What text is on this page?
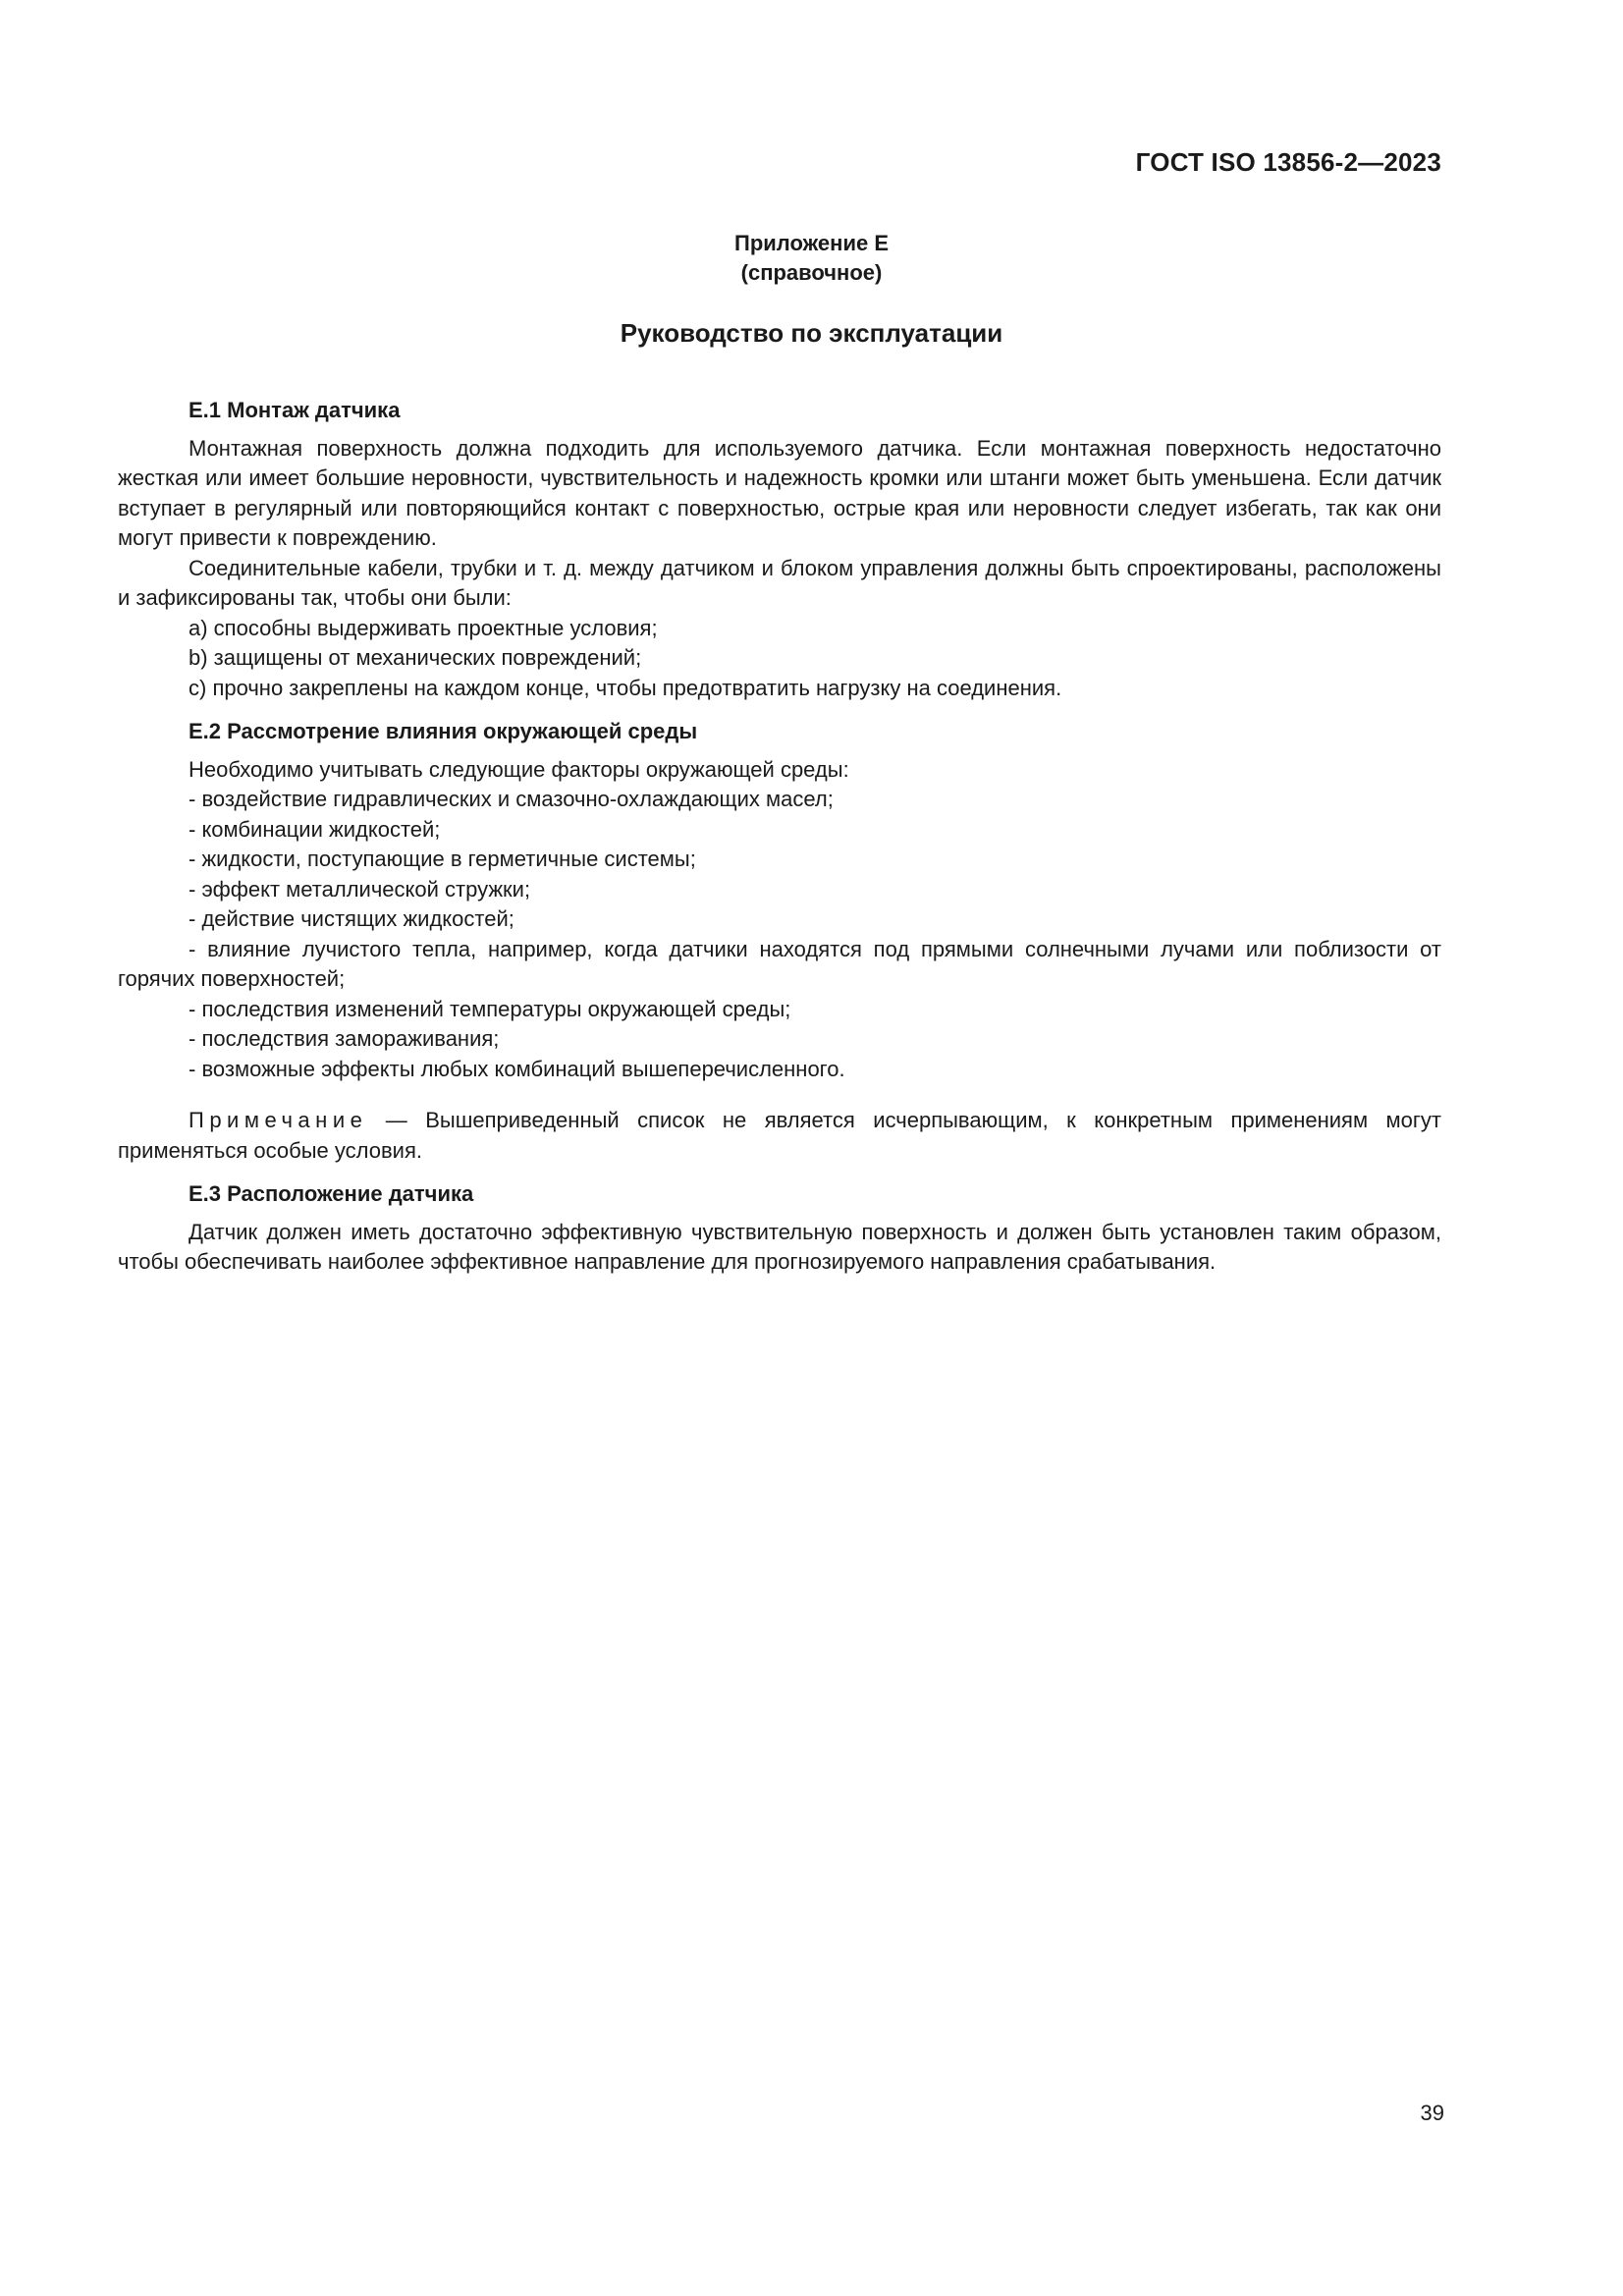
ГОСТ ISO 13856-2—2023
Приложение Е
(справочное)
Руководство по эксплуатации

Е.1 Монтаж датчика

Монтажная поверхность должна подходить для используемого датчика. Если монтажная поверхность недостаточно жесткая или имеет большие неровности, чувствительность и надежность кромки или штанги может быть уменьшена. Если датчик вступает в регулярный или повторяющийся контакт с поверхностью, острые края или неровности следует избегать, так как они могут привести к повреждению.

Соединительные кабели, трубки и т. д. между датчиком и блоком управления должны быть спроектированы, расположены и зафиксированы так, чтобы они были:

a) способны выдерживать проектные условия;

b) защищены от механических повреждений;

c) прочно закреплены на каждом конце, чтобы предотвратить нагрузку на соединения.

Е.2 Рассмотрение влияния окружающей среды

Необходимо учитывать следующие факторы окружающей среды:

- воздействие гидравлических и смазочно-охлаждающих масел;

- комбинации жидкостей;

- жидкости, поступающие в герметичные системы;

- эффект металлической стружки;

- действие чистящих жидкостей;

- влияние лучистого тепла, например, когда датчики находятся под прямыми солнечными лучами или поблизости от горячих поверхностей;

- последствия изменений температуры окружающей среды;

- последствия замораживания;

- возможные эффекты любых комбинаций вышеперечисленного.

Примечание — Вышеприведенный список не является исчерпывающим, к конкретным применениям могут применяться особые условия.

Е.3 Расположение датчика

Датчик должен иметь достаточно эффективную чувствительную поверхность и должен быть установлен таким образом, чтобы обеспечивать наиболее эффективное направление для прогнозируемого направления срабатывания.

39
